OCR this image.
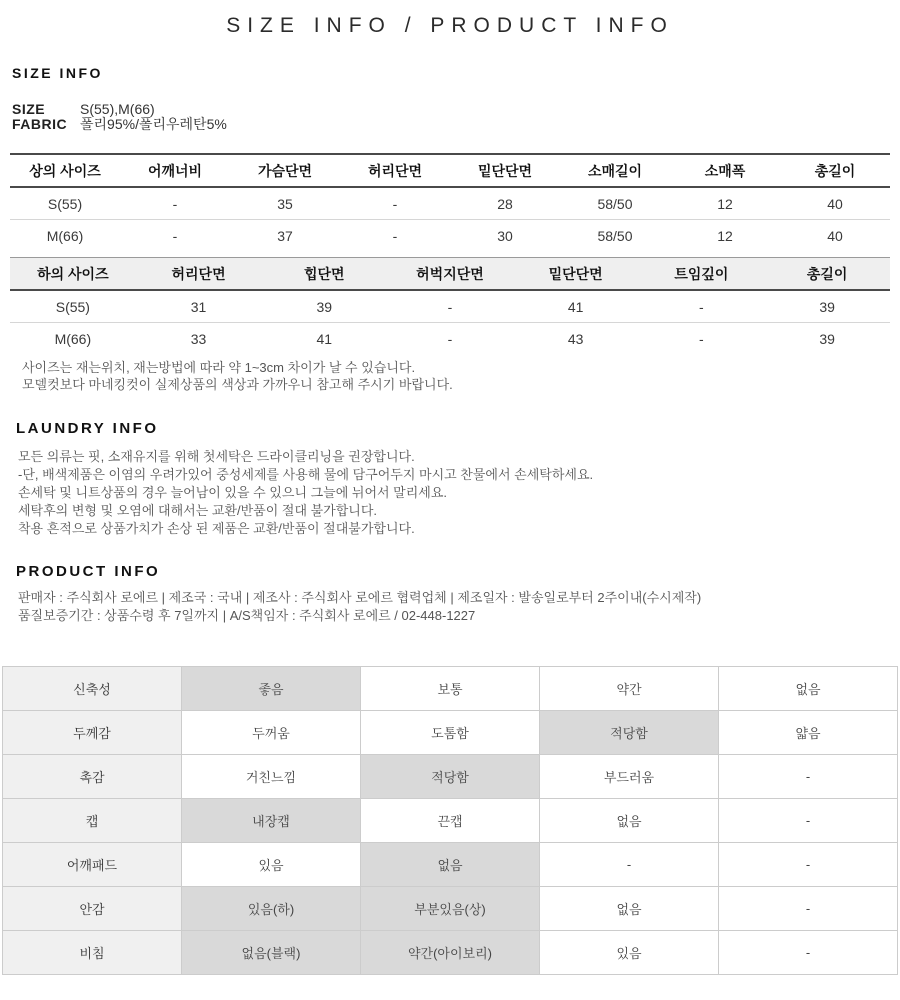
SIZE INFO / PRODUCT INFO
SIZE INFO
SIZE	S(55),M(66)
FABRIC 폴리95%/폴리우레탄5%
상의 사이즈	어깨너비	가슴단면	허리단면	밑단단면	소매길이	소매폭	총길이
S(55)	-	35	-	28	58/50	12	40
M(66)	-	37	-	30	58/50	12	40
하의 사이즈	허리단면	힙단면	허벅지단면	밑단단면	트임깊이	총길이
S(55)	31	39	-	41	-	39
M(66)	33	41	-	43	-	39
사이즈는 재는위치, 재는방법에 따라 약 1~3cm 차이가 날 수 있습니다.
모델컷보다 마네킹컷이 실제상품의 색상과 가까우니 참고해 주시기 바랍니다.
LAUNDRY INFO
모든 의류는 핏, 소재유지를 위해 첫세탁은 드라이클리닝을 권장합니다.
-단, 배색제품은 이염의 우려가있어 중성세제를 사용해 물에 담구어두지 마시고 찬물에서 손세탁하세요.
손세탁 및 니트상품의 경우 늘어남이 있을 수 있으니 그늘에 뉘어서 말리세요.
세탁후의 변형 및 오염에 대해서는 교환/반품이 절대 불가합니다.
착용 흔적으로 상품가치가 손상 된 제품은 교환/반품이 절대불가합니다.
PRODUCT INFO
판매자 : 주식회사 로에르 | 제조국 : 국내 | 제조사 : 주식회사 로에르 협력업체 | 제조일자 : 발송일로부터 2주이내(수시제작)
품질보증기간 : 상품수령 후 7일까지 | A/S책임자 : 주식회사 로에르 / 02-448-1227
신축성	좋음	보통	약간	없음
두께감	두꺼움	도톰함	적당함	얇음
촉감	거친느낌	적당함	부드러움	-
캡	내장캡	끈캡	없음	-
어깨패드	있음	없음	-	-
안감	있음(하)	부분있음(상)	없음	-
비침	없음(블랙)	약간(아이보리)	있음	-
